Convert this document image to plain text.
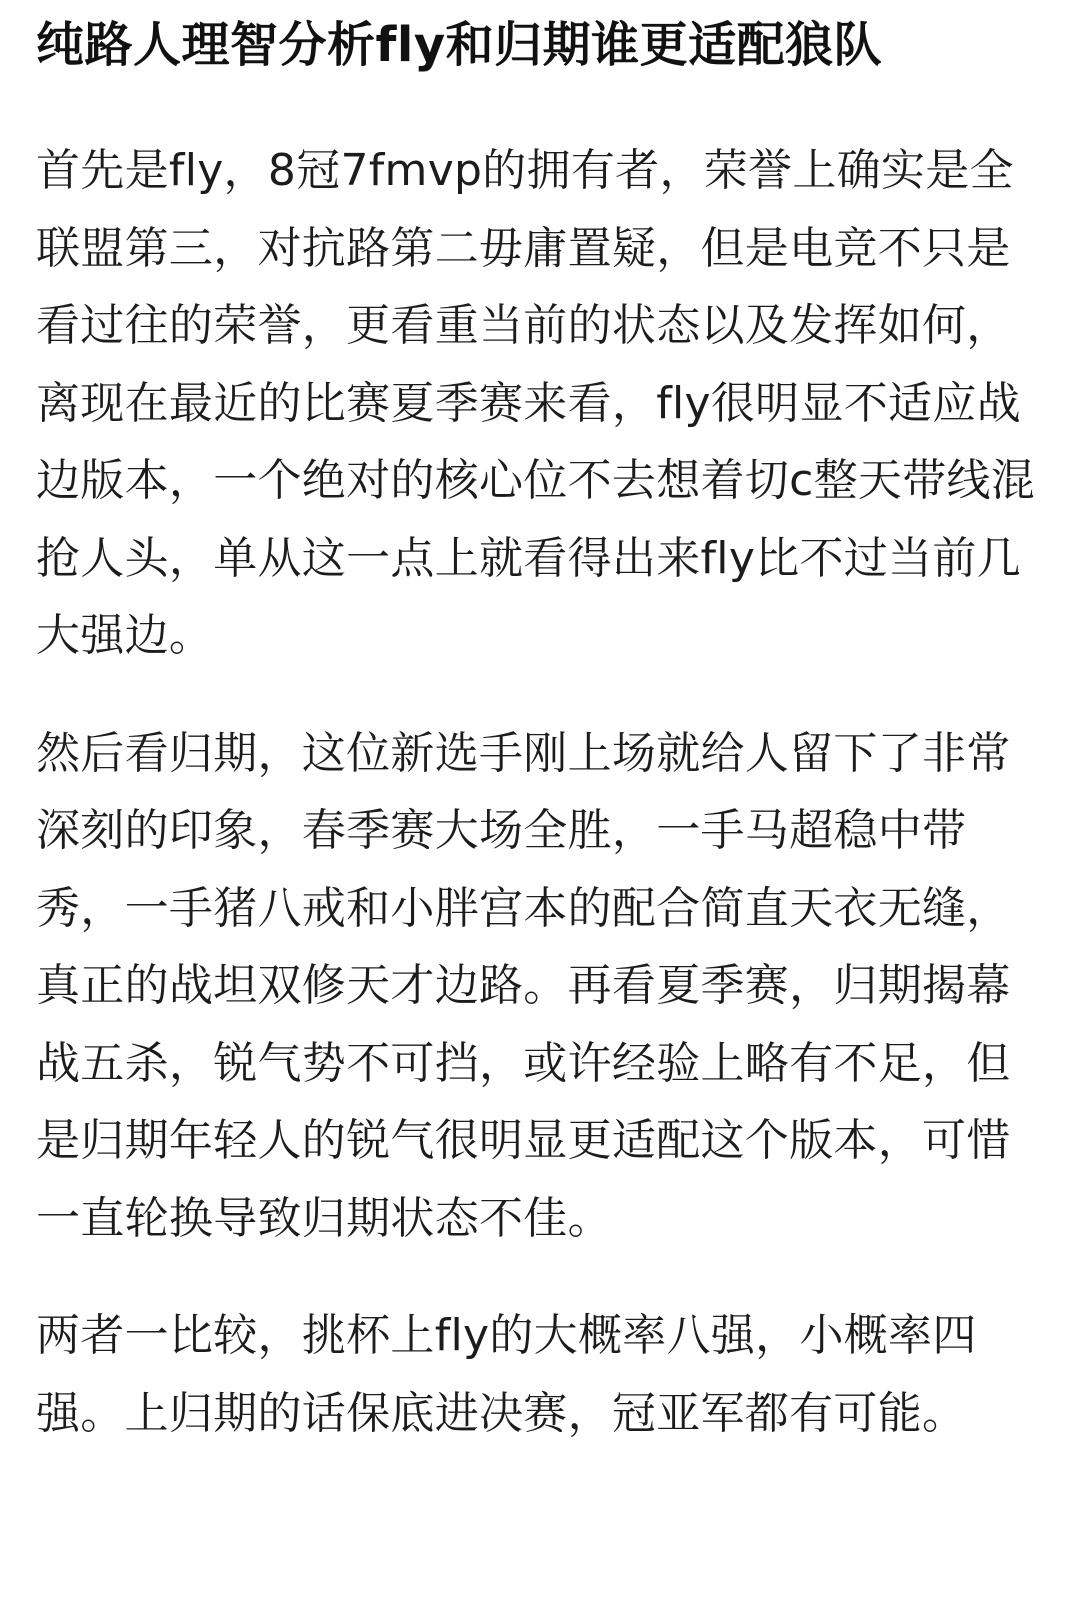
纯路人理智分析fly和归期谁更适配狼队

首先是fly，8冠7fmvp的拥有者，荣誉上确实是全联盟第三，对抗路第二毋庸置疑，但是电竞不只是看过往的荣誉，更看重当前的状态以及发挥如何，离现在最近的比赛夏季赛来看，fly很明显不适应战边版本，一个绝对的核心位不去想着切c整天带线混抢人头，单从这一点上就看得出来fly比不过当前几大强边。

然后看归期，这位新选手刚上场就给人留下了非常深刻的印象，春季赛大场全胜，一手马超稳中带秀，一手猪八戒和小胖宫本的配合简直天衣无缝，真正的战坦双修天才边路。再看夏季赛，归期揭幕战五杀，锐气势不可挡，或许经验上略有不足，但是归期年轻人的锐气很明显更适配这个版本，可惜一直轮换导致归期状态不佳。

两者一比较，挑杯上fly的大概率八强，小概率四强。上归期的话保底进决赛，冠亚军都有可能。
